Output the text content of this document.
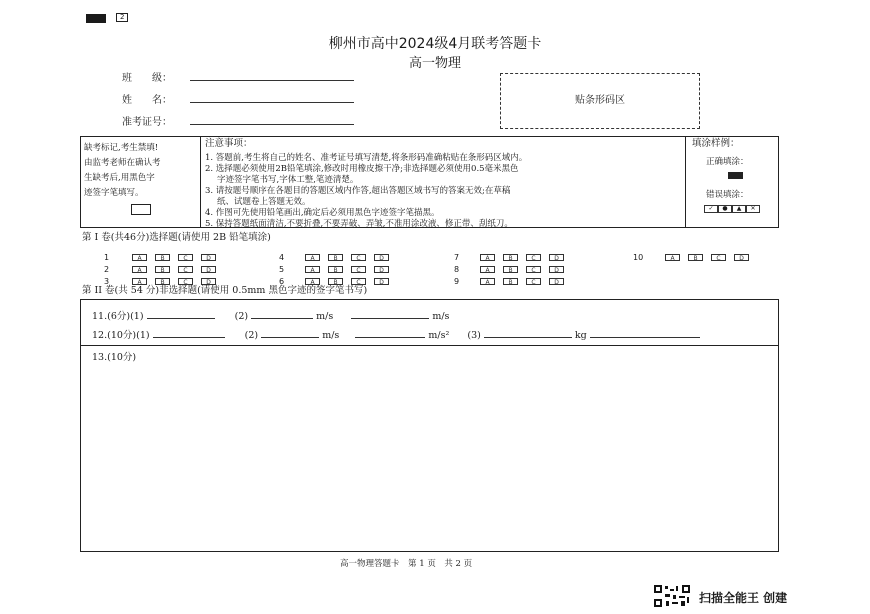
2
柳州市高中2024级4月联考答题卡
高一物理
班　　级：
姓　　名：
准考证号：
贴条形码区
缺考标记,考生禁填!
由监考老师在确认考
生缺考后,用黑色字
迹签字笔填写。
注意事项：
1. 答题前,考生将自己的姓名、准考证号填写清楚,将条形码准确粘贴在条形码区域内。
2. 选择题必须使用2B铅笔填涂,修改时用橡皮擦干净;非选择题必须使用0.5毫米黑色
字迹签字笔书写,字体工整,笔迹清楚。
3. 请按题号顺序在各题目的答题区域内作答,超出答题区域书写的答案无效;在草稿
纸、试题卷上答题无效。
4. 作图可先使用铅笔画出,确定后必须用黑色字迹签字笔描黑。
5. 保持答题纸面清洁,不要折叠,不要弄破、弄皱,不准用涂改液、修正带、刮纸刀。
填涂样例：
正确填涂：
错误填涂：
✓ ● ▲ ✕
第 I 卷(共46分)选择题(请使用 2B 铅笔填涂)
1	A	B	C	D
2	A	B	C	D
3	A	B	C	D
4	A	B	C	D
5	A	B	C	D
6	A	B	C	D
7	A	B	C	D
8	A	B	C	D
9	A	B	C	D
10	A	B	C	D
第 II 卷(共 54 分)非选择题(请使用 0.5mm 黑色字迹的签字笔书写)
11.(6分)(1)	(2)	m/s	m/s
12.(10分)(1)	(2)	m/s	m/s² (3)	kg
13.(10分)
高一物理答题卡　第 1 页　共 2 页
扫描全能王 创建
